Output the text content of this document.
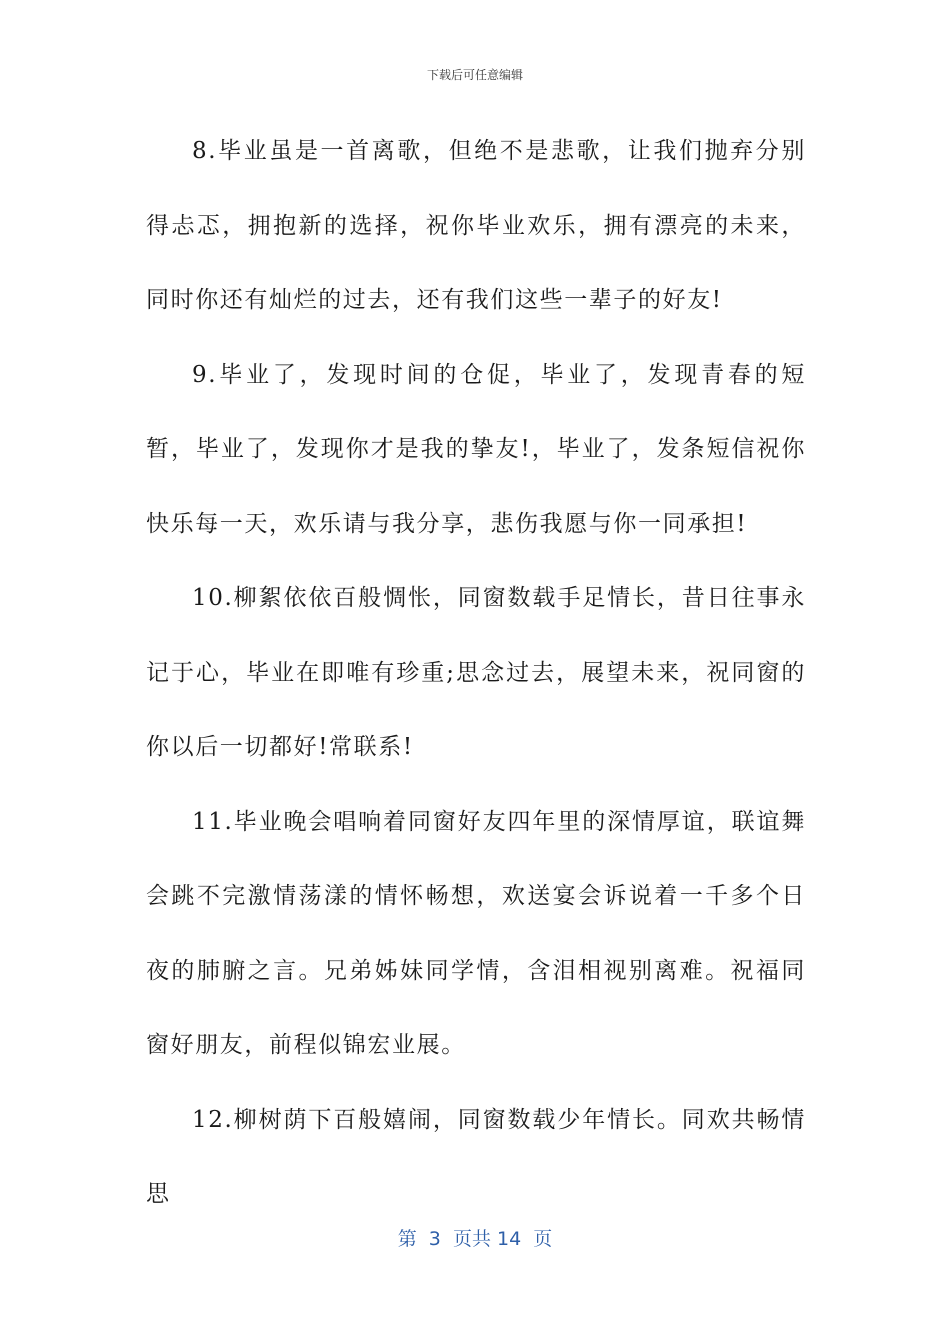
下载后可任意编辑

8.毕业虽是一首离歌，但绝不是悲歌，让我们抛弃分别得忐忑，拥抱新的选择，祝你毕业欢乐，拥有漂亮的未来，同时你还有灿烂的过去，还有我们这些一辈子的好友!

9.毕业了，发现时间的仓促，毕业了，发现青春的短暂，毕业了，发现你才是我的挚友!，毕业了，发条短信祝你快乐每一天，欢乐请与我分享，悲伤我愿与你一同承担!

10.柳絮依依百般惆怅，同窗数载手足情长，昔日往事永记于心，毕业在即唯有珍重;思念过去，展望未来，祝同窗的你以后一切都好!常联系!

11.毕业晚会唱响着同窗好友四年里的深情厚谊，联谊舞会跳不完激情荡漾的情怀畅想，欢送宴会诉说着一千多个日夜的肺腑之言。兄弟姊妹同学情，含泪相视别离难。祝福同窗好朋友，前程似锦宏业展。

12.柳树荫下百般嬉闹，同窗数载少年情长。同欢共畅情思

第  3  页共 14  页
